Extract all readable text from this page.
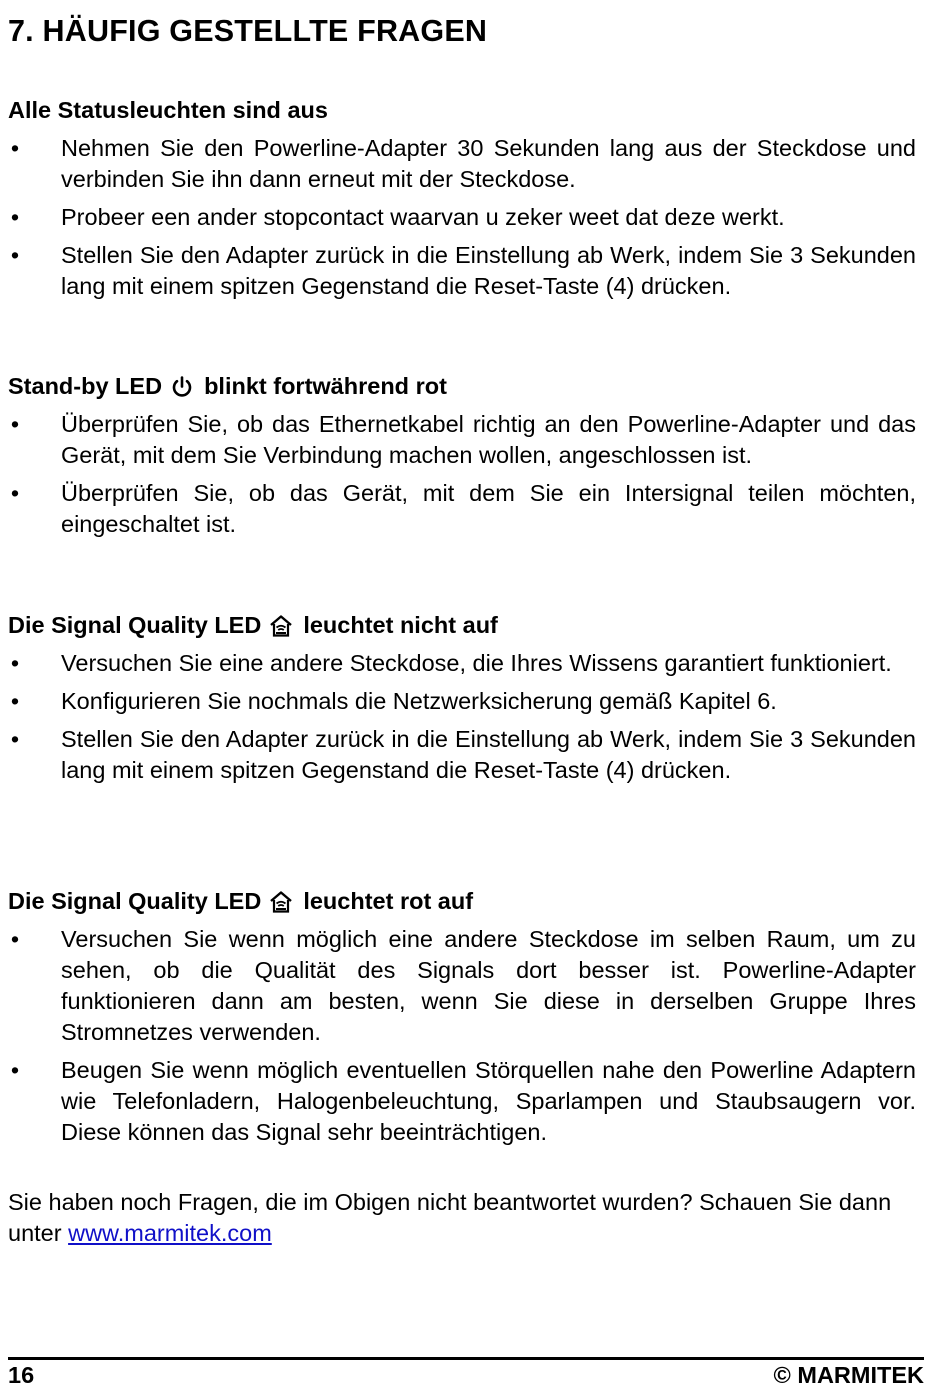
7. HÄUFIG GESTELLTE FRAGEN
Alle Statusleuchten sind aus
• Nehmen Sie den Powerline-Adapter 30 Sekunden lang aus der Steckdose und verbinden Sie ihn dann erneut mit der Steckdose.
• Probeer een ander stopcontact waarvan u zeker weet dat deze werkt.
• Stellen Sie den Adapter zurück in die Einstellung ab Werk, indem Sie 3 Sekunden lang mit einem spitzen Gegenstand die Reset-Taste (4) drücken.
Stand-by LED blinkt fortwährend rot
• Überprüfen Sie, ob das Ethernetkabel richtig an den Powerline-Adapter und das Gerät, mit dem Sie Verbindung machen wollen, angeschlossen ist.
• Überprüfen Sie, ob das Gerät, mit dem Sie ein Intersignal teilen möchten, eingeschaltet ist.
Die Signal Quality LED leuchtet nicht auf
• Versuchen Sie eine andere Steckdose, die Ihres Wissens garantiert funktioniert.
• Konfigurieren Sie nochmals die Netzwerksicherung gemäß Kapitel 6.
• Stellen Sie den Adapter zurück in die Einstellung ab Werk, indem Sie 3 Sekunden lang mit einem spitzen Gegenstand die Reset-Taste (4) drücken.
Die Signal Quality LED leuchtet rot auf
• Versuchen Sie wenn möglich eine andere Steckdose im selben Raum, um zu sehen, ob die Qualität des Signals dort besser ist. Powerline-Adapter funktionieren dann am besten, wenn Sie diese in derselben Gruppe Ihres Stromnetzes verwenden.
• Beugen Sie wenn möglich eventuellen Störquellen nahe den Powerline Adaptern wie Telefonladern, Halogenbeleuchtung, Sparlampen und Staubsaugern vor. Diese können das Signal sehr beeinträchtigen.

Sie haben noch Fragen, die im Obigen nicht beantwortet wurden? Schauen Sie dann unter www.marmitek.com

16	© MARMITEK
